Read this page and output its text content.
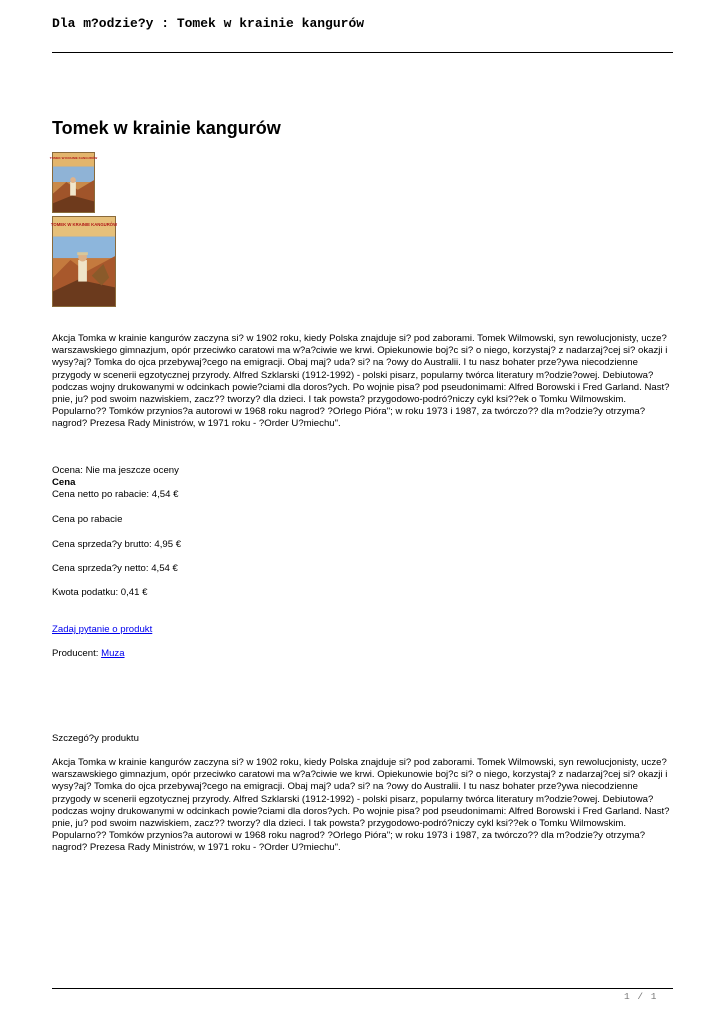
Dla m?odzie?y : Tomek w krainie kangurów
Tomek w krainie kangurów
TOMEK W KRAINIE KANGURÓW
TOMEK W KRAINIE KANGURÓW
Akcja Tomka w krainie kangurów zaczyna si? w 1902 roku, kiedy Polska znajduje si? pod zaborami. Tomek Wilmowski, syn rewolucjonisty, ucze? warszawskiego gimnazjum, opór przeciwko caratowi ma w?a?ciwie we krwi. Opiekunowie boj?c si? o niego, korzystaj? z nadarzaj?cej si? okazji i wysy?aj? Tomka do ojca przebywaj?cego na emigracji. Obaj maj? uda? si? na ?owy do Australii. I tu nasz bohater prze?ywa niecodzienne przygody w scenerii egzotycznej przyrody. Alfred Szklarski (1912-1992) - polski pisarz, popularny twórca literatury m?odzie?owej. Debiutowa? podczas wojny drukowanymi w odcinkach powie?ciami dla doros?ych. Po wojnie pisa? pod pseudonimami: Alfred Borowski i Fred Garland. Nast?pnie, ju? pod swoim nazwiskiem, zacz?? tworzy? dla dzieci. I tak powsta? przygodowo-podró?niczy cykl ksi??ek o Tomku Wilmowskim. Popularno?? Tomków przynios?a autorowi w 1968 roku nagrod? ?Orlego Pióra"; w roku 1973 i 1987, za twórczo?? dla m?odzie?y otrzyma? nagrod? Prezesa Rady Ministrów, w 1971 roku - ?Order U?miechu".
Ocena: Nie ma jeszcze oceny
Cena
Cena netto po rabacie: 4,54 €
Cena po rabacie
Cena sprzeda?y brutto: 4,95 €
Cena sprzeda?y netto: 4,54 €
Kwota podatku: 0,41 €
Zadaj pytanie o produkt
Producent: Muza
Szczegó?y produktu
Akcja Tomka w krainie kangurów zaczyna si? w 1902 roku, kiedy Polska znajduje si? pod zaborami. Tomek Wilmowski, syn rewolucjonisty, ucze? warszawskiego gimnazjum, opór przeciwko caratowi ma w?a?ciwie we krwi. Opiekunowie boj?c si? o niego, korzystaj? z nadarzaj?cej si? okazji i wysy?aj? Tomka do ojca przebywaj?cego na emigracji. Obaj maj? uda? si? na ?owy do Australii. I tu nasz bohater prze?ywa niecodzienne przygody w scenerii egzotycznej przyrody. Alfred Szklarski (1912-1992) - polski pisarz, popularny twórca literatury m?odzie?owej. Debiutowa? podczas wojny drukowanymi w odcinkach powie?ciami dla doros?ych. Po wojnie pisa? pod pseudonimami: Alfred Borowski i Fred Garland. Nast?pnie, ju? pod swoim nazwiskiem, zacz?? tworzy? dla dzieci. I tak powsta? przygodowo-podró?niczy cykl ksi??ek o Tomku Wilmowskim. Popularno?? Tomków przynios?a autorowi w 1968 roku nagrod? ?Orlego Pióra"; w roku 1973 i 1987, za twórczo?? dla m?odzie?y otrzyma? nagrod? Prezesa Rady Ministrów, w 1971 roku - ?Order U?miechu".
1 / 1
